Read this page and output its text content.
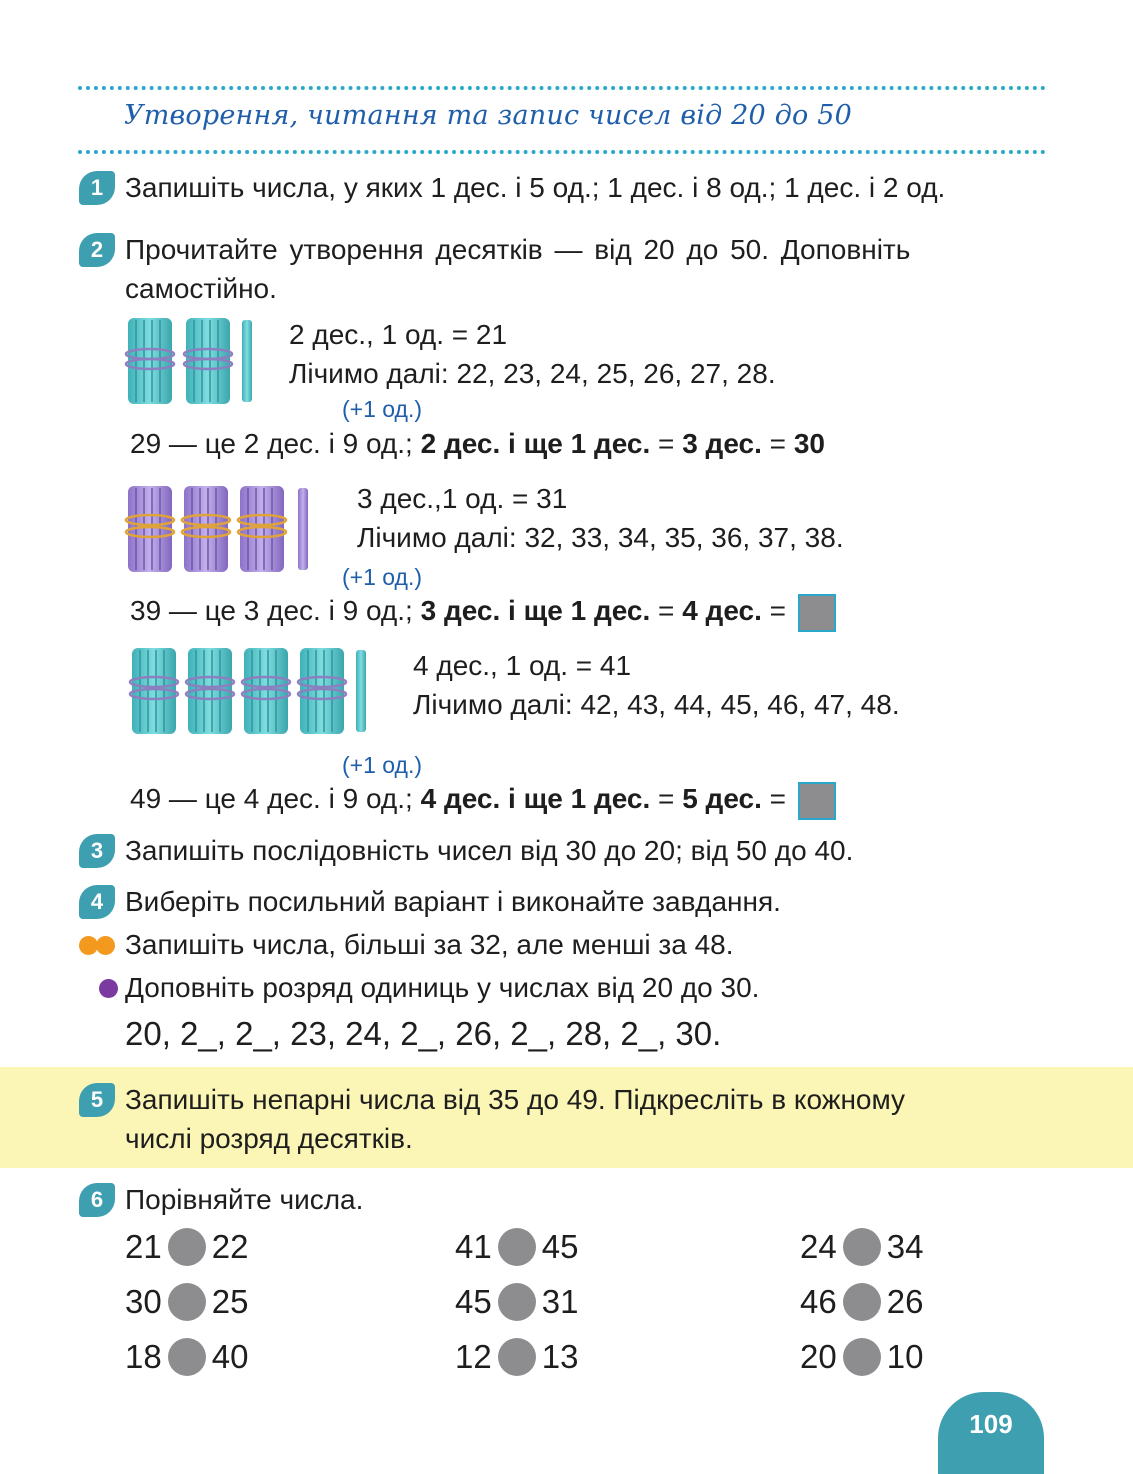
Утворення, читання та запис чисел від 20 до 50
1 Запишіть числа, у яких 1 дес. і 5 од.; 1 дес. і 8 од.; 1 дес. і 2 од.
2 Прочитайте утворення десятків — від 20 до 50. Доповніть
самостійно.
2 дес., 1 од. = 21
Лічимо далі: 22, 23, 24, 25, 26, 27, 28.
(+1 од.)
29 — це 2 дес. і 9 од.; 2 дес. і ще 1 дес. = 3 дес. = 30
3 дес.,1 од. = 31
Лічимо далі: 32, 33, 34, 35, 36, 37, 38.
(+1 од.)
39 — це 3 дес. і 9 од.; 3 дес. і ще 1 дес. = 4 дес. =
4 дес., 1 од. = 41
Лічимо далі: 42, 43, 44, 45, 46, 47, 48.
(+1 од.)
49 — це 4 дес. і 9 од.; 4 дес. і ще 1 дес. = 5 дес. =
3 Запишіть послідовність чисел від 30 до 20; від 50 до 40.
4 Виберіть посильний варіант і виконайте завдання.
Запишіть числа, більші за 32, але менші за 48.
Доповніть розряд одиниць у числах від 20 до 30.
20, 2_, 2_, 23, 24, 2_, 26, 2_, 28, 2_, 30.
5 Запишіть непарні числа від 35 до 49. Підкресліть в кожному
числі розряд десятків.
6 Порівняйте числа.
21 22	41 45	24 34
30 25	45 31	46 26
18 40	12 13	20 10
109
